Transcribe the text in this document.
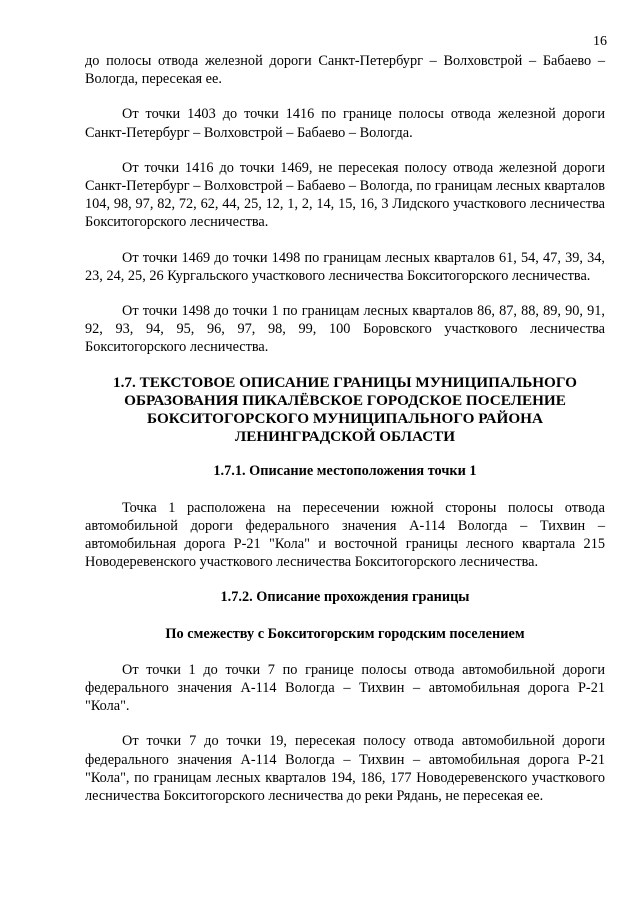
16

до полосы отвода железной дороги Санкт-Петербург – Волховстрой – Бабаево – Вологда, пересекая ее.

От точки 1403 до точки 1416 по границе полосы отвода железной дороги Санкт-Петербург – Волховстрой – Бабаево – Вологда.

От точки 1416 до точки 1469, не пересекая полосу отвода железной дороги Санкт-Петербург – Волховстрой – Бабаево – Вологда, по границам лесных кварталов 104, 98, 97, 82, 72, 62, 44, 25, 12, 1, 2, 14, 15, 16, 3 Лидского участкового лесничества Бокситогорского лесничества.

От точки 1469 до точки 1498 по границам лесных кварталов 61, 54, 47, 39, 34, 23, 24, 25, 26 Кургальского участкового лесничества Бокситогорского лесничества.

От точки 1498 до точки 1 по границам лесных кварталов 86, 87, 88, 89, 90, 91, 92, 93, 94, 95, 96, 97, 98, 99, 100 Боровского участкового лесничества Бокситогорского лесничества.

1.7. ТЕКСТОВОЕ ОПИСАНИЕ ГРАНИЦЫ МУНИЦИПАЛЬНОГО
ОБРАЗОВАНИЯ ПИКАЛЁВСКОЕ ГОРОДСКОЕ ПОСЕЛЕНИЕ
БОКСИТОГОРСКОГО МУНИЦИПАЛЬНОГО РАЙОНА
ЛЕНИНГРАДСКОЙ ОБЛАСТИ
1.7.1. Описание местоположения точки 1

Точка 1 расположена на пересечении южной стороны полосы отвода автомобильной дороги федерального значения А-114 Вологда – Тихвин – автомобильная дорога Р-21 "Кола" и восточной границы лесного квартала 215 Новодеревенского участкового лесничества Бокситогорского лесничества.

1.7.2. Описание прохождения границы
По смежеству с Бокситогорским городским поселением

От точки 1 до точки 7 по границе полосы отвода автомобильной дороги федерального значения А-114 Вологда – Тихвин – автомобильная дорога Р-21 "Кола".

От точки 7 до точки 19, пересекая полосу отвода автомобильной дороги федерального значения А-114 Вологда – Тихвин – автомобильная дорога Р-21 "Кола", по границам лесных кварталов 194, 186, 177 Новодеревенского участкового лесничества Бокситогорского лесничества до реки Рядань, не пересекая ее.
